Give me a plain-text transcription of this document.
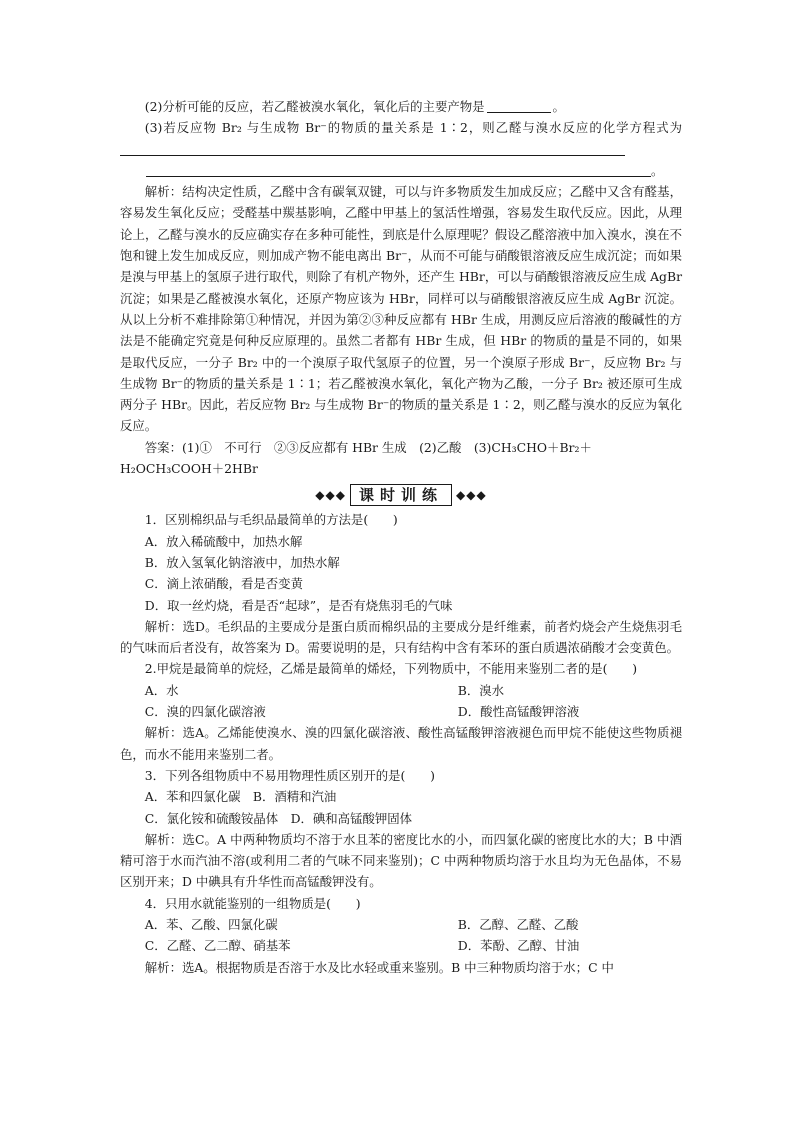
(2)分析可能的反应，若乙醛被溴水氧化，氧化后的主要产物是	。

(3)若反应物 Br₂ 与生成物 Br⁻的物质的量关系是 1∶2，则乙醛与溴水反应的化学方程式为
。

解析：结构决定性质，乙醛中含有碳氧双键，可以与许多物质发生加成反应；乙醛中又含有醛基，容易发生氧化反应；受醛基中羰基影响，乙醛中甲基上的氢活性增强，容易发生取代反应。因此，从理论上，乙醛与溴水的反应确实存在多种可能性，到底是什么原理呢？假设乙醛溶液中加入溴水，溴在不饱和键上发生加成反应，则加成产物不能电离出 Br⁻，从而不可能与硝酸银溶液反应生成沉淀；而如果是溴与甲基上的氢原子进行取代，则除了有机产物外，还产生 HBr，可以与硝酸银溶液反应生成 AgBr 沉淀；如果是乙醛被溴水氧化，还原产物应该为 HBr，同样可以与硝酸银溶液反应生成 AgBr 沉淀。从以上分析不难排除第①种情况，并因为第②③种反应都有 HBr 生成，用测反应后溶液的酸碱性的方法是不能确定究竟是何种反应原理的。虽然二者都有 HBr 生成，但 HBr 的物质的量是不同的，如果是取代反应，一分子 Br₂ 中的一个溴原子取代氢原子的位置，另一个溴原子形成 Br⁻，反应物 Br₂ 与生成物 Br⁻的物质的量关系是 1∶1；若乙醛被溴水氧化，氧化产物为乙酸，一分子 Br₂ 被还原可生成两分子 HBr。因此，若反应物 Br₂ 与生成物 Br⁻的物质的量关系是 1∶2，则乙醛与溴水的反应为氧化反应。

答案：(1)①　不可行　②③反应都有 HBr 生成　(2)乙酸　(3)CH₃CHO＋Br₂＋

H₂OCH₃COOH＋2HBr

◆◆◆ 课时训练	◆◆◆

1．区别棉织品与毛织品最简单的方法是(　　)

A．放入稀硫酸中，加热水解

B．放入氢氧化钠溶液中，加热水解

C．滴上浓硝酸，看是否变黄

D．取一丝灼烧，看是否“起球”，是否有烧焦羽毛的气味

解析：选D。毛织品的主要成分是蛋白质而棉织品的主要成分是纤维素，前者灼烧会产生烧焦羽毛的气味而后者没有，故答案为 D。需要说明的是，只有结构中含有苯环的蛋白质遇浓硝酸才会变黄色。

2.甲烷是最简单的烷烃，乙烯是最简单的烯烃，下列物质中，不能用来鉴别二者的是(　　)

A．水	B．溴水
C．溴的四氯化碳溶液	D．酸性高锰酸钾溶液

解析：选A。乙烯能使溴水、溴的四氯化碳溶液、酸性高锰酸钾溶液褪色而甲烷不能使这些物质褪色，而水不能用来鉴别二者。

3．下列各组物质中不易用物理性质区别开的是(　　)

A．苯和四氯化碳　B．酒精和汽油

C．氯化铵和硫酸铵晶体　D．碘和高锰酸钾固体

解析：选C。A 中两种物质均不溶于水且苯的密度比水的小，而四氯化碳的密度比水的大；B 中酒精可溶于水而汽油不溶(或利用二者的气味不同来鉴别)；C 中两种物质均溶于水且均为无色晶体，不易区别开来；D 中碘具有升华性而高锰酸钾没有。

4．只用水就能鉴别的一组物质是(　　)

A．苯、乙酸、四氯化碳	B．乙醇、乙醛、乙酸
C．乙醛、乙二醇、硝基苯	D．苯酚、乙醇、甘油

解析：选A。根据物质是否溶于水及比水轻或重来鉴别。B 中三种物质均溶于水；C 中
